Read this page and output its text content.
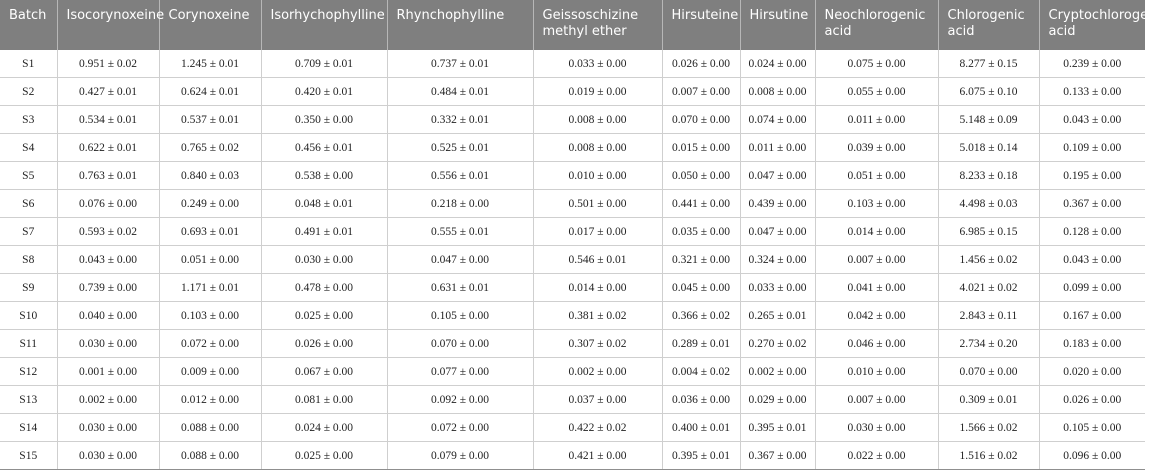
Batch	Isocorynoxeine	Corynoxeine	Isorhychophylline	Rhynchophylline	Geissoschizine methyl ether	Hirsuteine	Hirsutine	Neochlorogenic acid	Chlorogenic acid	Cryptochlorogenic acid
S1	0.951 ± 0.02	1.245 ± 0.01	0.709 ± 0.01	0.737 ± 0.01	0.033 ± 0.00	0.026 ± 0.00	0.024 ± 0.00	0.075 ± 0.00	8.277 ± 0.15	0.239 ± 0.00
S2	0.427 ± 0.01	0.624 ± 0.01	0.420 ± 0.01	0.484 ± 0.01	0.019 ± 0.00	0.007 ± 0.00	0.008 ± 0.00	0.055 ± 0.00	6.075 ± 0.10	0.133 ± 0.00
S3	0.534 ± 0.01	0.537 ± 0.01	0.350 ± 0.00	0.332 ± 0.01	0.008 ± 0.00	0.070 ± 0.00	0.074 ± 0.00	0.011 ± 0.00	5.148 ± 0.09	0.043 ± 0.00
S4	0.622 ± 0.01	0.765 ± 0.02	0.456 ± 0.01	0.525 ± 0.01	0.008 ± 0.00	0.015 ± 0.00	0.011 ± 0.00	0.039 ± 0.00	5.018 ± 0.14	0.109 ± 0.00
S5	0.763 ± 0.01	0.840 ± 0.03	0.538 ± 0.00	0.556 ± 0.01	0.010 ± 0.00	0.050 ± 0.00	0.047 ± 0.00	0.051 ± 0.00	8.233 ± 0.18	0.195 ± 0.00
S6	0.076 ± 0.00	0.249 ± 0.00	0.048 ± 0.01	0.218 ± 0.00	0.501 ± 0.00	0.441 ± 0.00	0.439 ± 0.00	0.103 ± 0.00	4.498 ± 0.03	0.367 ± 0.00
S7	0.593 ± 0.02	0.693 ± 0.01	0.491 ± 0.01	0.555 ± 0.01	0.017 ± 0.00	0.035 ± 0.00	0.047 ± 0.00	0.014 ± 0.00	6.985 ± 0.15	0.128 ± 0.00
S8	0.043 ± 0.00	0.051 ± 0.00	0.030 ± 0.00	0.047 ± 0.00	0.546 ± 0.01	0.321 ± 0.00	0.324 ± 0.00	0.007 ± 0.00	1.456 ± 0.02	0.043 ± 0.00
S9	0.739 ± 0.00	1.171 ± 0.01	0.478 ± 0.00	0.631 ± 0.01	0.014 ± 0.00	0.045 ± 0.00	0.033 ± 0.00	0.041 ± 0.00	4.021 ± 0.02	0.099 ± 0.00
S10	0.040 ± 0.00	0.103 ± 0.00	0.025 ± 0.00	0.105 ± 0.00	0.381 ± 0.02	0.366 ± 0.02	0.265 ± 0.01	0.042 ± 0.00	2.843 ± 0.11	0.167 ± 0.00
S11	0.030 ± 0.00	0.072 ± 0.00	0.026 ± 0.00	0.070 ± 0.00	0.307 ± 0.02	0.289 ± 0.01	0.270 ± 0.02	0.046 ± 0.00	2.734 ± 0.20	0.183 ± 0.00
S12	0.001 ± 0.00	0.009 ± 0.00	0.067 ± 0.00	0.077 ± 0.00	0.002 ± 0.00	0.004 ± 0.02	0.002 ± 0.00	0.010 ± 0.00	0.070 ± 0.00	0.020 ± 0.00
S13	0.002 ± 0.00	0.012 ± 0.00	0.081 ± 0.00	0.092 ± 0.00	0.037 ± 0.00	0.036 ± 0.00	0.029 ± 0.00	0.007 ± 0.00	0.309 ± 0.01	0.026 ± 0.00
S14	0.030 ± 0.00	0.088 ± 0.00	0.024 ± 0.00	0.072 ± 0.00	0.422 ± 0.02	0.400 ± 0.01	0.395 ± 0.01	0.030 ± 0.00	1.566 ± 0.02	0.105 ± 0.00
S15	0.030 ± 0.00	0.088 ± 0.00	0.025 ± 0.00	0.079 ± 0.00	0.421 ± 0.00	0.395 ± 0.01	0.367 ± 0.00	0.022 ± 0.00	1.516 ± 0.02	0.096 ± 0.00
